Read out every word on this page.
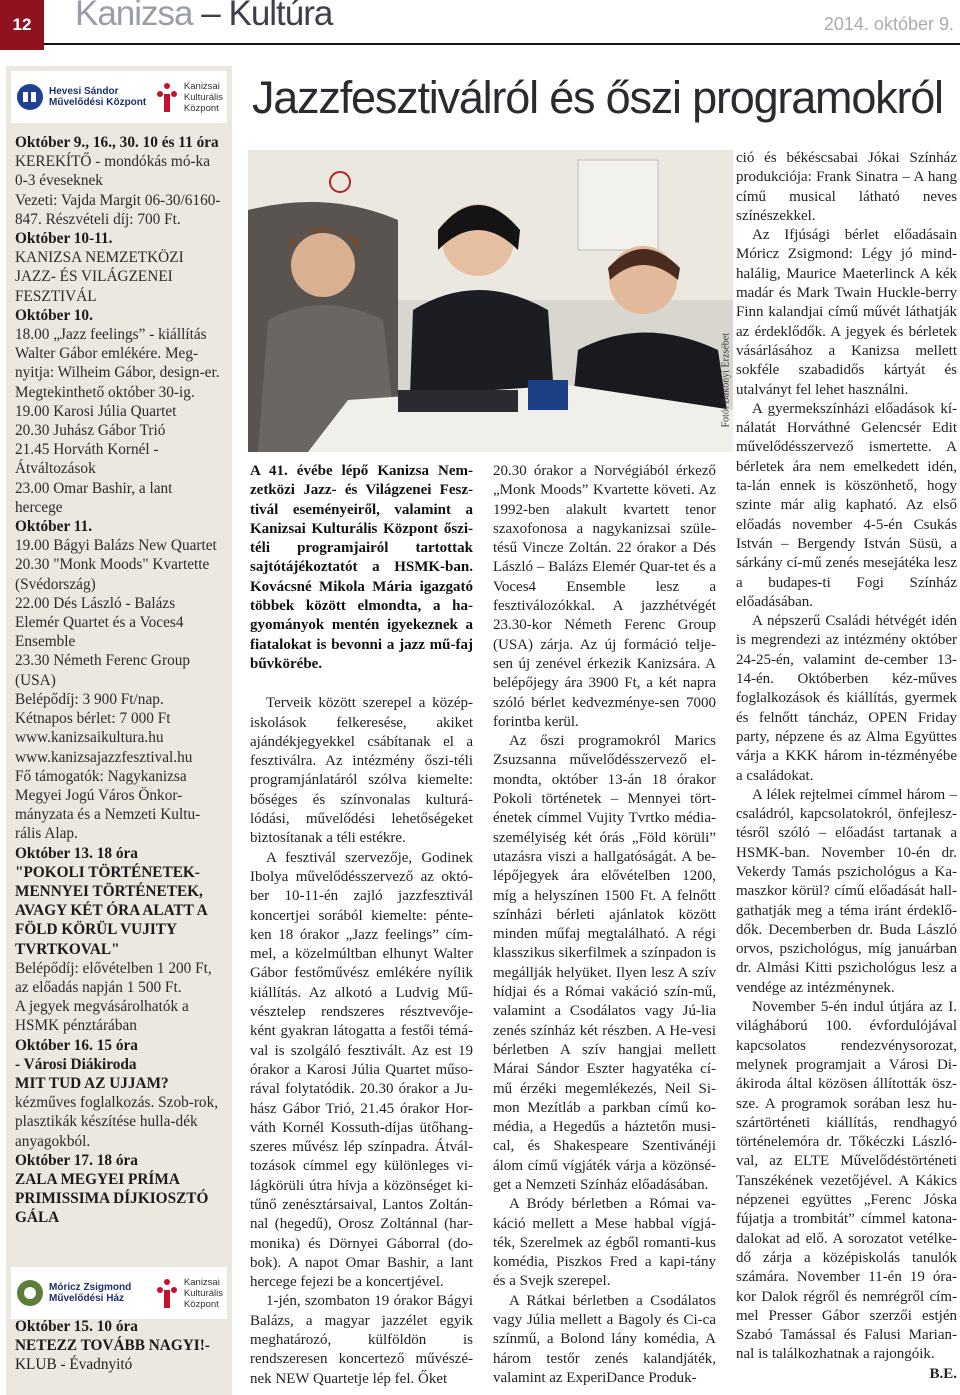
12	Kanizsa – Kultúra	2014. október 9.
Hevesi Sándor
Művelődési Központ
Kanizsai
Kulturális
Központ
Október 9., 16., 30. 10 és 11 óra
KEREKÍTŐ - mondókás mó-ka 0-3 éveseknek
Vezeti: Vajda Margit 06-30/6160-847. Részvételi díj: 700 Ft.
Október 10-11.
KANIZSA NEMZETKÖZI JAZZ- ÉS VILÁGZENEI FESZTIVÁL
Október 10.
18.00 „Jazz feelings” - kiállítás Walter Gábor emlékére. Meg-nyitja: Wilheim Gábor, design-er. Megtekinthető október 30-ig.
19.00 Karosi Júlia Quartet
20.30 Juhász Gábor Trió
21.45 Horváth Kornél - Átváltozások
23.00 Omar Bashir, a lant hercege
Október 11.
19.00 Bágyi Balázs New Quartet
20.30 "Monk Moods" Kvartette (Svédország)
22.00 Dés László - Balázs Elemér Quartet és a Voces4 Ensemble
23.30 Németh Ferenc Group (USA)
Belépődíj: 3 900 Ft/nap.
Kétnapos bérlet: 7 000 Ft
www.kanizsaikultura.hu
www.kanizsajazzfesztival.hu
Fő támogatók: Nagykanizsa Megyei Jogú Város Önkor-mányzata és a Nemzeti Kultu-rális Alap.
Október 13. 18 óra
"POKOLI TÖRTÉNETEK-MENNYEI TÖRTÉNETEK, AVAGY KÉT ÓRA ALATT A FÖLD KÖRÜL VUJITY TVRTKOVAL"
Belépődíj: elővételben 1 200 Ft, az előadás napján 1 500 Ft.
A jegyek megvásárolhatók a HSMK pénztárában
Október 16. 15 óra
- Városi Diákiroda
MIT TUD AZ UJJAM?
kézműves foglalkozás. Szob-rok, plasztikák készítése hulla-dék anyagokból.
Október 17. 18 óra
ZALA MEGYEI PRÍMA PRIMISSIMA DÍJKIOSZTÓ GÁLA
Móricz Zsigmond
Művelődési Ház
Kanizsai
Kulturális
Központ
Október 15. 10 óra
NETEZZ TOVÁBB NAGYI!-
KLUB - Évadnyitó
Jazzfesztiválról és őszi programokról
Fotó: Bakonyi Erzsébet

A 41. évébe lépő Kanizsa Nem-zetközi Jazz- és Világzenei Fesz-tivál eseményeiről, valamint a Kanizsai Kulturális Központ őszi-téli programjairól tartottak sajtótájékoztatót a HSMK-ban. Kovácsné Mikola Mária igazgató többek között elmondta, a ha-gyományok mentén igyekeznek a fiatalokat is bevonni a jazz mű-faj bűvkörébe.

Terveik között szerepel a közép-iskolások felkeresése, akiket ajándékjegyekkel csábítanak el a fesztiválra. Az intézmény őszi-téli programjánlatáról szólva kiemelte: bőséges és színvonalas kulturá-lódási, művelődési lehetőségeket biztosítanak a téli estékre.

A fesztivál szervezője, Godinek Ibolya művelődésszervező az októ-ber 10-11-én zajló jazzfesztivál koncertjei sorából kiemelte: pénte-ken 18 órakor „Jazz feelings” cím-mel, a közelmúltban elhunyt Walter Gábor festőművész emlékére nyílik kiállítás. Az alkotó a Ludvig Mű-vésztelep rendszeres résztvevője-ként gyakran látogatta a festői témá-val is szolgáló fesztivált. Az est 19 órakor a Karosi Júlia Quartet műso-rával folytatódik. 20.30 órakor a Ju-hász Gábor Trió, 21.45 órakor Hor-váth Kornél Kossuth-díjas ütőhang-szeres művész lép színpadra. Átvál-tozások címmel egy különleges vi-lágkörüli útra hívja a közönséget ki-tűnő zenésztársaival, Lantos Zoltán-nal (hegedű), Orosz Zoltánnal (har-monika) és Dörnyei Gáborral (do-bok). A napot Omar Bashir, a lant hercege fejezi be a koncertjével.

1-jén, szombaton 19 órakor Bágyi Balázs, a magyar jazzélet egyik meghatározó, külföldön is rendszeresen koncertező művészé-nek NEW Quartetje lép fel. Őket

20.30 órakor a Norvégiából érkező „Monk Moods” Kvartette követi. Az 1992-ben alakult kvartett tenor szaxofonosa a nagykanizsai szüle-tésű Vincze Zoltán. 22 órakor a Dés László – Balázs Elemér Quar-tet és a Voces4 Ensemble lesz a fesztiválozókkal. A jazzhétvégét 23.30-kor Németh Ferenc Group (USA) zárja. Az új formáció telje-sen új zenével érkezik Kanizsára. A belépőjegy ára 3900 Ft, a két napra szóló bérlet kedvezménye-sen 7000 forintba kerül.

Az őszi programokról Marics Zsuzsanna művelődésszervező el-mondta, október 13-án 18 órakor Pokoli történetek – Mennyei tört-énetek címmel Vujity Tvrtko média-személyiség két órás „Föld körüli” utazásra viszi a hallgatóságát. A be-lépőjegyek ára elővételben 1200, míg a helyszínen 1500 Ft. A felnőtt színházi bérleti ajánlatok között minden műfaj megtalálható. A régi klasszikus sikerfilmek a színpadon is megállják helyüket. Ilyen lesz A szív hídjai és a Római vakáció szín-mű, valamint a Csodálatos vagy Jú-lia zenés színház két részben. A He-vesi bérletben A szív hangjai mellett Márai Sándor Eszter hagyatéka cí-mű érzéki megemlékezés, Neil Si-mon Mezítláb a parkban című ko-média, a Hegedűs a háztetőn musi-cal, és Shakespeare Szentivánéji álom című vígjáték várja a közönsé-get a Nemzeti Színház előadásában.

A Bródy bérletben a Római va-káció mellett a Mese habbal vígjá-ték, Szerelmek az égből romanti-kus komédia, Piszkos Fred a kapi-tány és a Svejk szerepel.

A Rátkai bérletben a Csodálatos vagy Júlia mellett a Bagoly és Ci-ca színmű, a Bolond lány komédia, A három testőr zenés kalandjáték, valamint az ExperiDance Produk-

ció és békéscsabai Jókai Színház produkciója: Frank Sinatra – A hang című musical látható neves színészekkel.

Az Ifjúsági bérlet előadásain Móricz Zsigmond: Légy jó mind-halálig, Maurice Maeterlinck A kék madár és Mark Twain Huckle-berry Finn kalandjai című művét láthatják az érdeklődők. A jegyek és bérletek vásárlásához a Kanizsa mellett sokféle szabadidős kártyát és utalványt fel lehet használni.

A gyermekszínházi előadások kí-nálatát Horváthné Gelencsér Edit művelődésszervező ismertette. A bérletek ára nem emelkedett idén, ta-lán ennek is köszönhető, hogy szinte már alig kapható. Az első előadás november 4-5-én Csukás István – Bergendy István Süsü, a sárkány cí-mű zenés mesejátéka lesz a budapes-ti Fogi Színház előadásában.

A népszerű Családi hétvégét idén is megrendezi az intézmény október 24-25-én, valamint de-cember 13-14-én. Októberben kéz-műves foglalkozások és kiállítás, gyermek és felnőtt táncház, OPEN Friday party, népzene és az Alma Együttes várja a KKK három in-tézményébe a családokat.

A lélek rejtelmei címmel három – családról, kapcsolatokról, önfejlesz-tésről szóló – előadást tartanak a HSMK-ban. November 10-én dr. Vekerdy Tamás pszichológus a Ka-maszkor körül? című előadását hall-gathatják meg a téma iránt érdeklő-dők. Decemberben dr. Buda László orvos, pszichológus, míg januárban dr. Almási Kitti pszichológus lesz a vendége az intézménynek.

November 5-én indul útjára az I. világháború 100. évfordulójával kapcsolatos rendezvénysorozat, melynek programjait a Városi Di-ákiroda által közösen állították ösz-sze. A programok sorában lesz hu-szártörténeti kiállítás, rendhagyó történelemóra dr. Tőkéczki László-val, az ELTE Művelődéstörténeti Tanszékének vezetőjével. A Kákics népzenei együttes „Ferenc Jóska fújatja a trombitát” címmel katona-dalokat ad elő. A sorozatot vetélke-dő zárja a középiskolás tanulók számára. November 11-én 19 óra-kor Dalok régről és nemrégről cím-mel Presser Gábor szerzői estjén Szabó Tamással és Falusi Marian-nal is találkozhatnak a rajongóik.

B.E.
